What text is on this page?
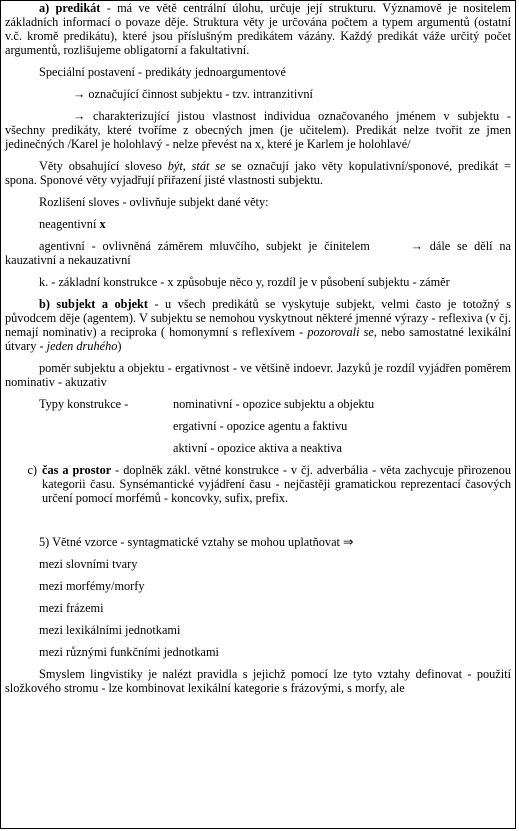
a) predikát - má ve větě centrální úlohu, určuje její strukturu. Významově je nositelem základních informací o povaze děje. Struktura věty je určována počtem a typem argumentů (ostatní v.č. kromě predikátu), které jsou příslušným predikátem vázány. Každý predikát váže určitý počet argumentů, rozlišujeme obligatorní a fakultativní.

Speciální postavení - predikáty jednoargumentové

→ označující činnost subjektu - tzv. intranzitivní

→ charakterizující jistou vlastnost individua označovaného jménem v subjektu - všechny predikáty, které tvoříme z obecných jmen (je učitelem). Predikát nelze tvořit ze jmen jedinečných /Karel je holohlavý - nelze převést na x, které je Karlem je holohlavé/

Věty obsahující sloveso být, stát se se označují jako věty kopulativní/sponové, predikát = spona. Sponové věty vyjadřují přiřazení jisté vlastnosti subjektu.

Rozlišení sloves - ovlivňuje subjekt dané věty:

neagentivní x

agentivní - ovlivněná záměrem mluvčího, subjekt je činitelem	→ dále se dělí na kauzativní a nekauzativní

k. - základní konstrukce - x způsobuje něco y, rozdíl je v působení subjektu - záměr

b) subjekt a objekt - u všech predikátů se vyskytuje subjekt, velmi často je totožný s původcem děje (agentem). V subjektu se nemohou vyskytnout některé jmenné výrazy - reflexiva (v čj. nemají nominativ) a reciproka ( homonymní s reflexívem - pozorovali se, nebo samostatné lexikální útvary - jeden druhého)

poměr subjektu a objektu - ergativnost - ve většině indoevr. Jazyků je rozdíl vyjádřen poměrem nominativ - akuzativ

Typy konstrukce -	nominativní - opozice subjektu a objektu
ergativní - opozice agentu a faktivu
aktivní - opozice aktiva a neaktiva
c) čas a prostor - doplněk zákl. větné konstrukce - v čj. adverbália - věta zachycuje přirozenou kategorii času. Synsémantické vyjádření času - nejčastěji gramatickou reprezentací časových určení pomocí morfémů - koncovky, sufix, prefix.

5) Větné vzorce - syntagmatické vztahy se mohou uplatňovat ⇒

mezi slovními tvary

mezi morfémy/morfy

mezi frázemi

mezi lexikálními jednotkami

mezi různými funkčními jednotkami

Smyslem lingvistiky je nalézt pravidla s jejichž pomocí lze tyto vztahy definovat - použití složkového stromu - lze kombinovat lexikální kategorie s frázovými, s morfy, ale
